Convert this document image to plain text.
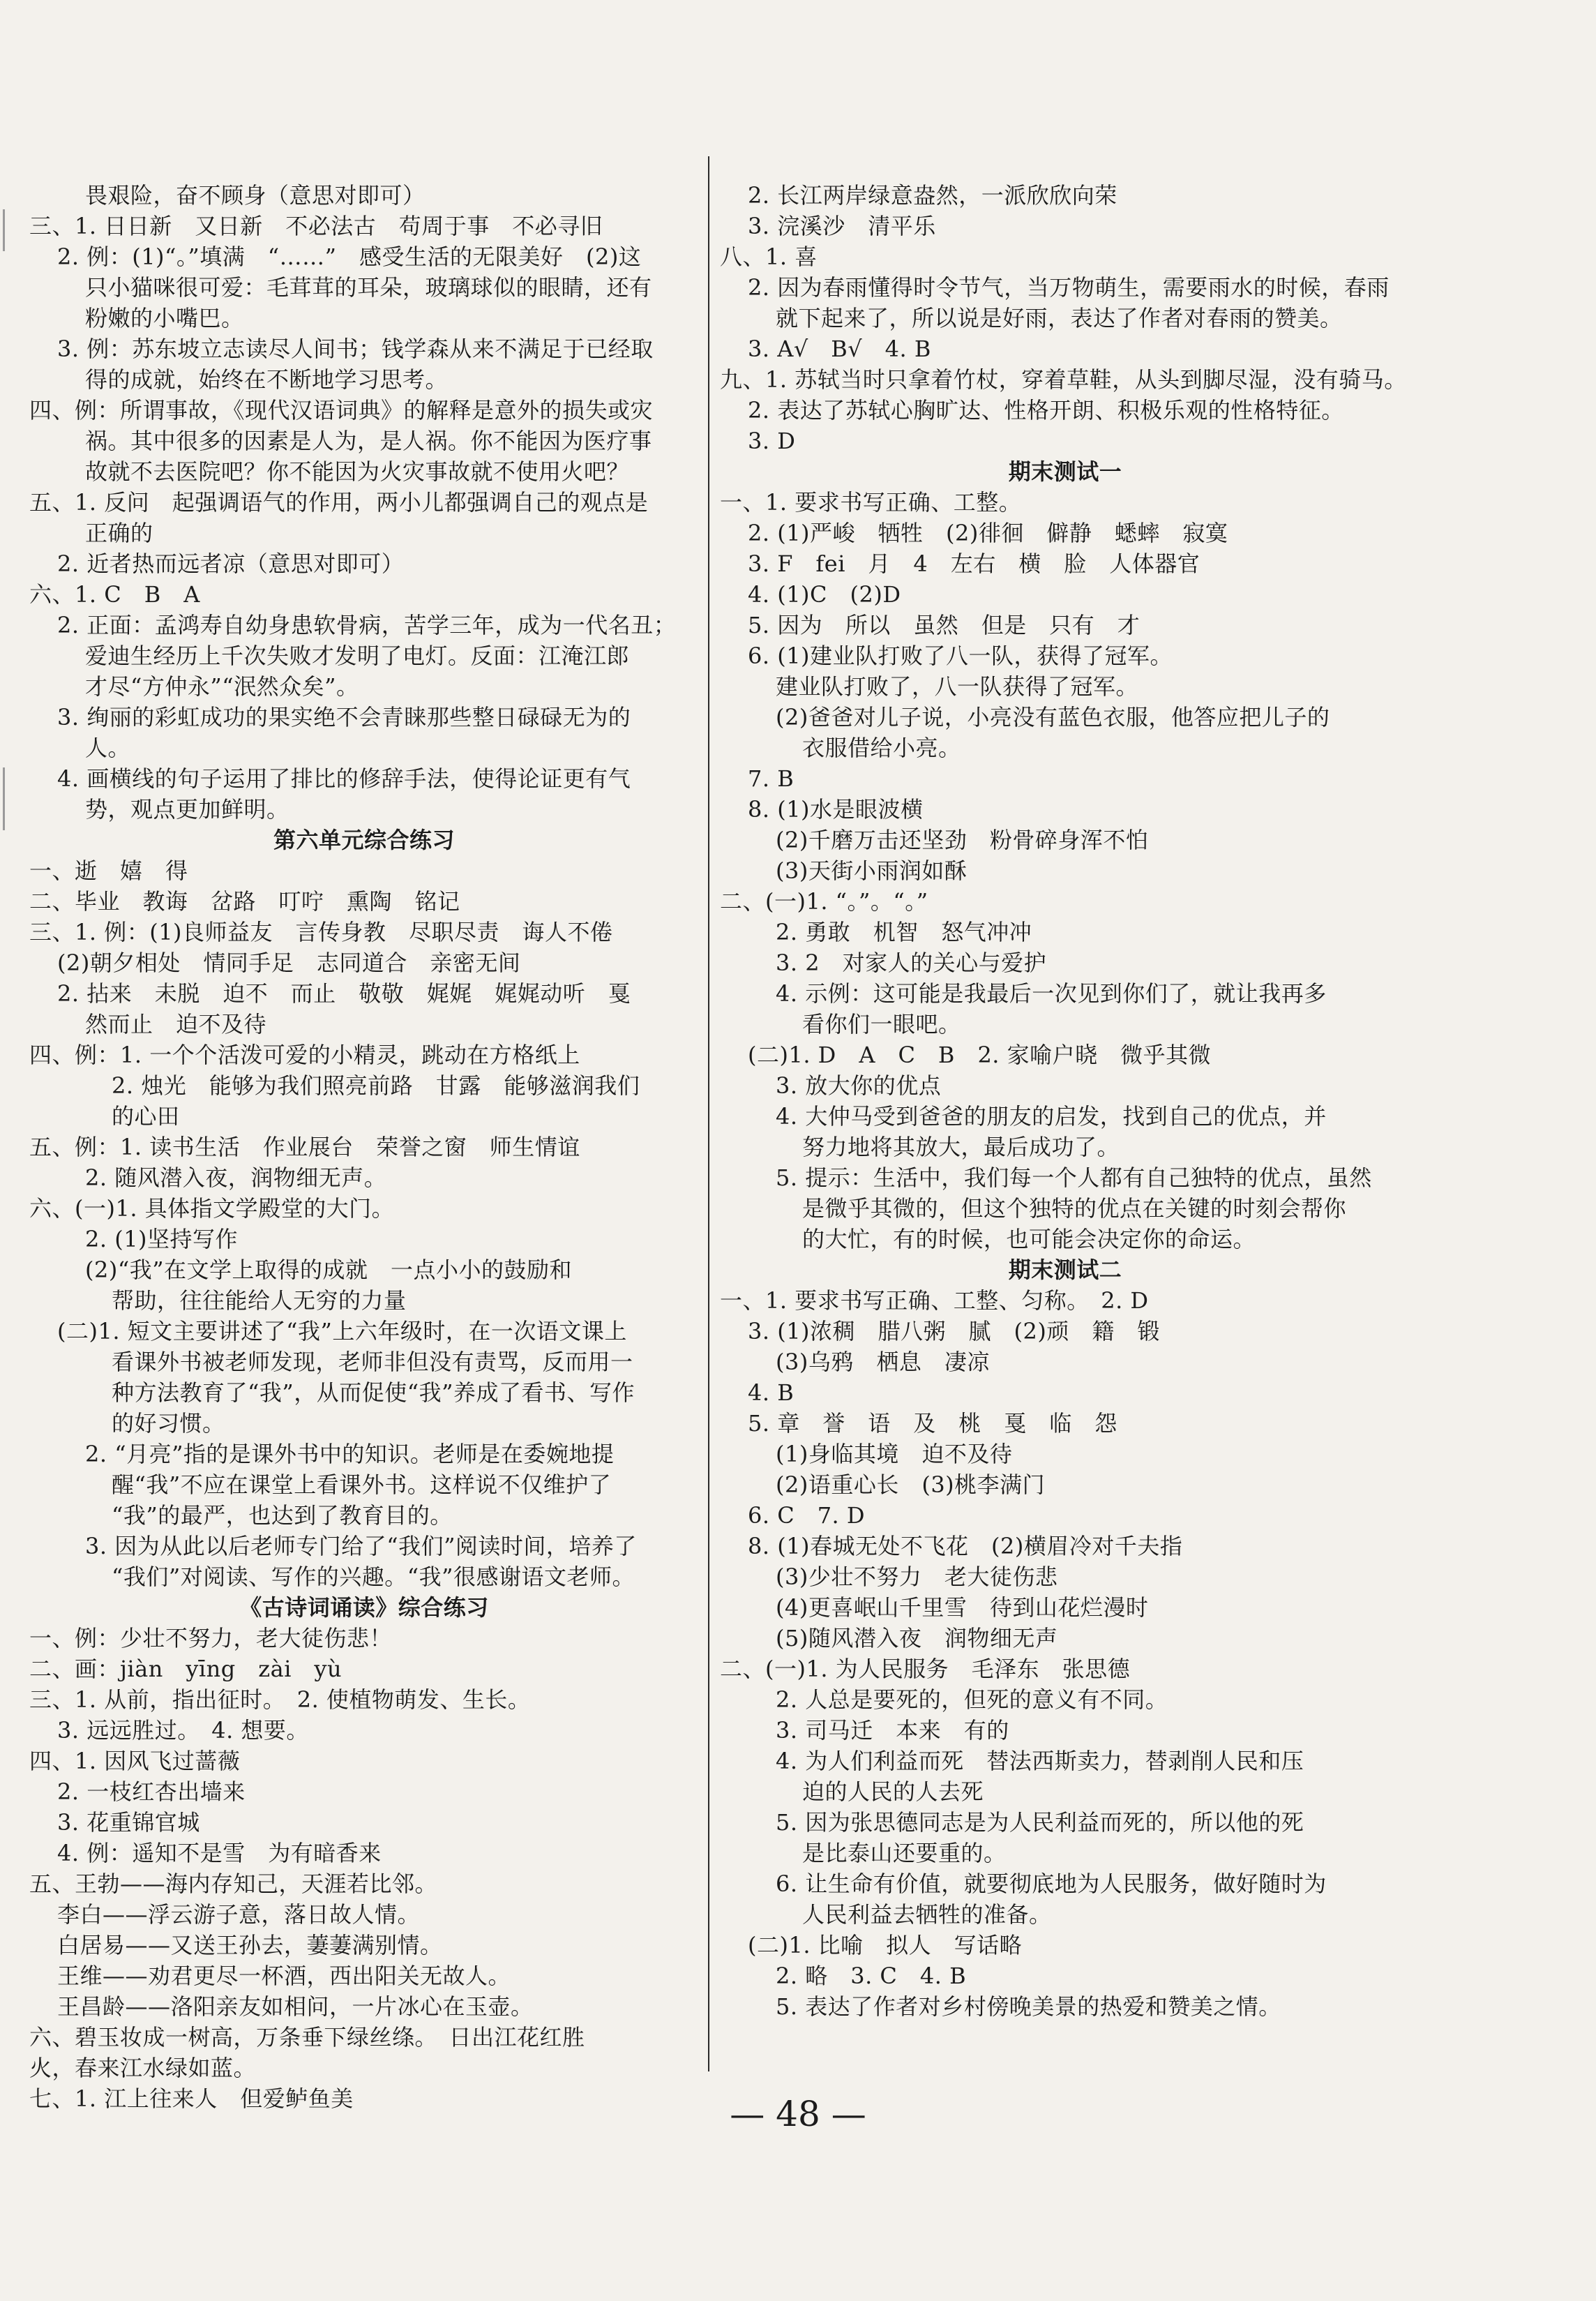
畏艰险，奋不顾身（意思对即可）
三、1. 日日新　又日新　不必法古　苟周于事　不必寻旧
2. 例：(1)“。”填满　“……”　感受生活的无限美好　(2)这
只小猫咪很可爱：毛茸茸的耳朵，玻璃球似的眼睛，还有
粉嫩的小嘴巴。
3. 例：苏东坡立志读尽人间书；钱学森从来不满足于已经取
得的成就，始终在不断地学习思考。
四、例：所谓事故，《现代汉语词典》的解释是意外的损失或灾
祸。其中很多的因素是人为，是人祸。你不能因为医疗事
故就不去医院吧？你不能因为火灾事故就不使用火吧？
五、1. 反问　起强调语气的作用，两小儿都强调自己的观点是
正确的
2. 近者热而远者凉（意思对即可）
六、1. C　B　A
2. 正面：孟鸿寿自幼身患软骨病，苦学三年，成为一代名丑；
爱迪生经历上千次失败才发明了电灯。反面：江淹江郎
才尽“方仲永”“泯然众矣”。
3. 绚丽的彩虹成功的果实绝不会青睐那些整日碌碌无为的
人。
4. 画横线的句子运用了排比的修辞手法，使得论证更有气
势，观点更加鲜明。
第六单元综合练习
一、逝　嬉　得
二、毕业　教诲　岔路　叮咛　熏陶　铭记
三、1. 例：(1)良师益友　言传身教　尽职尽责　诲人不倦
(2)朝夕相处　情同手足　志同道合　亲密无间
2. 拈来　未脱　迫不　而止　敬敬　娓娓　娓娓动听　戛
然而止　迫不及待
四、例：1. 一个个活泼可爱的小精灵，跳动在方格纸上
2. 烛光　能够为我们照亮前路　甘露　能够滋润我们
的心田
五、例：1. 读书生活　作业展台　荣誉之窗　师生情谊
2. 随风潜入夜，润物细无声。
六、(一)1. 具体指文学殿堂的大门。
2. (1)坚持写作
(2)“我”在文学上取得的成就　一点小小的鼓励和
帮助，往往能给人无穷的力量
(二)1. 短文主要讲述了“我”上六年级时，在一次语文课上
看课外书被老师发现，老师非但没有责骂，反而用一
种方法教育了“我”，从而促使“我”养成了看书、写作
的好习惯。
2. “月亮”指的是课外书中的知识。老师是在委婉地提
醒“我”不应在课堂上看课外书。这样说不仅维护了
“我”的最严，也达到了教育目的。
3. 因为从此以后老师专门给了“我们”阅读时间，培养了
“我们”对阅读、写作的兴趣。“我”很感谢语文老师。
《古诗词诵读》综合练习
一、例：少壮不努力，老大徒伤悲！
二、画：jiàn　yīng　zài　yù
三、1. 从前，指出征时。　2. 使植物萌发、生长。
3. 远远胜过。　4. 想要。
四、1. 因风飞过蔷薇
2. 一枝红杏出墙来
3. 花重锦官城
4. 例：遥知不是雪　为有暗香来
五、王勃——海内存知己，天涯若比邻。
李白——浮云游子意，落日故人情。
白居易——又送王孙去，萋萋满别情。
王维——劝君更尽一杯酒，西出阳关无故人。
王昌龄——洛阳亲友如相问，一片冰心在玉壶。
六、碧玉妆成一树高，万条垂下绿丝绦。　日出江花红胜
火，春来江水绿如蓝。
七、1. 江上往来人　但爱鲈鱼美
2. 长江两岸绿意盎然，一派欣欣向荣
3. 浣溪沙　清平乐
八、1. 喜
2. 因为春雨懂得时令节气，当万物萌生，需要雨水的时候，春雨
就下起来了，所以说是好雨，表达了作者对春雨的赞美。
3. A√　B√　4. B
九、1. 苏轼当时只拿着竹杖，穿着草鞋，从头到脚尽湿，没有骑马。
2. 表达了苏轼心胸旷达、性格开朗、积极乐观的性格特征。
3. D
期末测试一
一、1. 要求书写正确、工整。
2. (1)严峻　牺牲　(2)徘徊　僻静　蟋蟀　寂寞
3. F　fei　月　4　左右　横　脸　人体器官
4. (1)C　(2)D
5. 因为　所以　虽然　但是　只有　才
6. (1)建业队打败了八一队，获得了冠军。
建业队打败了，八一队获得了冠军。
(2)爸爸对儿子说，小亮没有蓝色衣服，他答应把儿子的
衣服借给小亮。
7. B
8. (1)水是眼波横
(2)千磨万击还坚劲　粉骨碎身浑不怕
(3)天街小雨润如酥
二、(一)1. “。”。“。”
2. 勇敢　机智　怒气冲冲
3. 2　对家人的关心与爱护
4. 示例：这可能是我最后一次见到你们了，就让我再多
看你们一眼吧。
(二)1. D　A　C　B　2. 家喻户晓　微乎其微
3. 放大你的优点
4. 大仲马受到爸爸的朋友的启发，找到自己的优点，并
努力地将其放大，最后成功了。
5. 提示：生活中，我们每一个人都有自己独特的优点，虽然
是微乎其微的，但这个独特的优点在关键的时刻会帮你
的大忙，有的时候，也可能会决定你的命运。
期末测试二
一、1. 要求书写正确、工整、匀称。　2. D
3. (1)浓稠　腊八粥　腻　(2)顽　籍　锻
(3)乌鸦　栖息　凄凉
4. B
5. 章　誉　语　及　桃　戛　临　怨
(1)身临其境　迫不及待
(2)语重心长　(3)桃李满门
6. C　7. D
8. (1)春城无处不飞花　(2)横眉冷对千夫指
(3)少壮不努力　老大徒伤悲
(4)更喜岷山千里雪　待到山花烂漫时
(5)随风潜入夜　润物细无声
二、(一)1. 为人民服务　毛泽东　张思德
2. 人总是要死的，但死的意义有不同。
3. 司马迁　本来　有的
4. 为人们利益而死　替法西斯卖力，替剥削人民和压
迫的人民的人去死
5. 因为张思德同志是为人民利益而死的，所以他的死
是比泰山还要重的。
6. 让生命有价值，就要彻底地为人民服务，做好随时为
人民利益去牺牲的准备。
(二)1. 比喻　拟人　写话略
2. 略　3. C　4. B
5. 表达了作者对乡村傍晚美景的热爱和赞美之情。
— 48 —
